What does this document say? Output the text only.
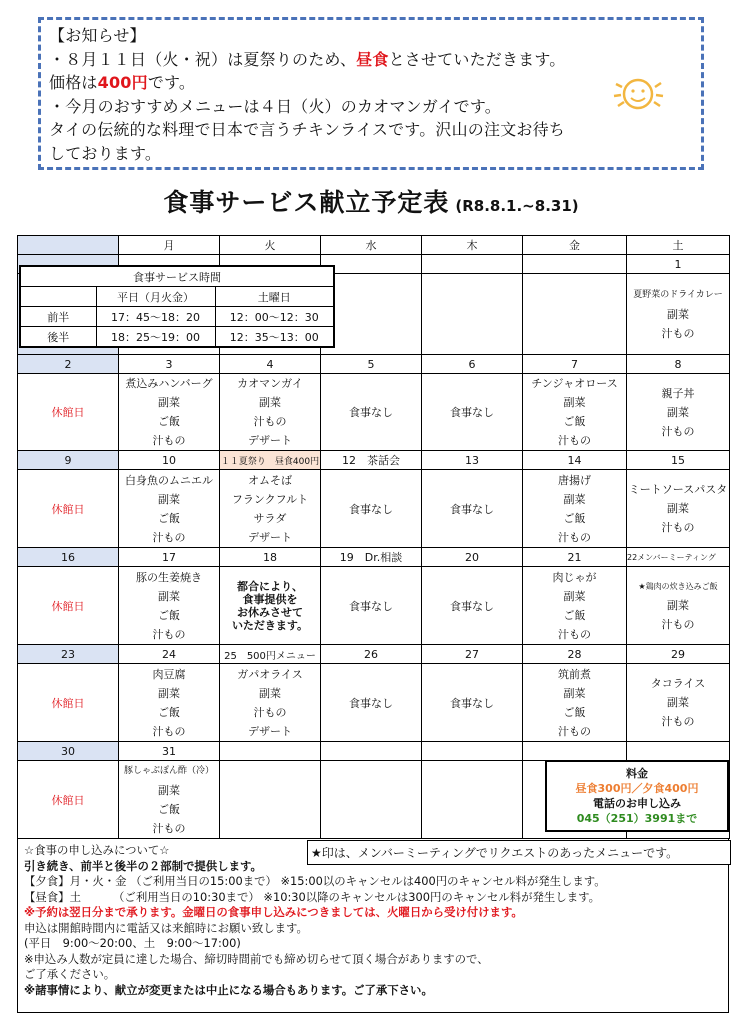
【お知らせ】

・８月１１日（火・祝）は夏祭りのため、昼食とさせていただきます。

価格は400円です。

・今月のおすすめメニューは４日（火）のカオマンガイです。

タイの伝統的な料理で日本で言うチキンライスです。沢山の注文お待ち

しております。

食事サービス献立予定表 (R8.8.1.~8.31)
	月	火	水	木	金	土
						1

						夏野菜のドライカレー
副菜
汁もの

2	3	4	5	6	7	8
休館日	煮込みハンバーグ
副菜
ご飯
汁もの	カオマンガイ
副菜
汁もの
デザート	食事なし	食事なし	チンジャオロース
副菜
ご飯
汁もの	親子丼
副菜
汁もの

9	10	１１夏祭り　昼食400円	12　茶話会	13	14	15
休館日	白身魚のムニエル
副菜
ご飯
汁もの	オムそば
フランクフルト
サラダ
デザート	食事なし	食事なし	唐揚げ
副菜
ご飯
汁もの	ミートソースパスタ
副菜
汁もの

16	17	18	19　Dr.相談	20	21	22メンバーミーティング
休館日	豚の生姜焼き
副菜
ご飯
汁もの	都合により、
食事提供を
お休みさせて
いただきます。	食事なし	食事なし	肉じゃが
副菜
ご飯
汁もの	★鶏肉の炊き込みご飯
副菜
汁もの

23	24	25　500円メニュー	26	27	28	29
休館日	肉豆腐
副菜
ご飯
汁もの	ガパオライス
副菜
汁もの
デザート	食事なし	食事なし	筑前煮
副菜
ご飯
汁もの	タコライス
副菜
汁もの

30	31					
休館日	豚しゃぶぽん酢（冷）
副菜
ご飯
汁もの					

食事サービス時間		
	平日（月火金）	土曜日
前半	17：45～18：20	12：00～12：30
後半	18：25～19：00	12：35～13：00
料金
昼食300円／夕食400円
電話のお申し込み
045（251）3991まで

☆食事の申し込みについて☆

引き続き、前半と後半の２部制で提供します。

【夕食】月・火・金 （ご利用当日の15:00まで） ※15:00以のキャンセルは400円のキャンセル料が発生します。

【昼食】土 　　　（ご利用当日の10:30まで） ※10:30以降のキャンセルは300円のキャンセル料が発生します。

※予約は翌日分まで承ります。金曜日の食事申し込みにつきましては、火曜日から受け付けます。

申込は開館時間内に電話又は来館時にお願い致します。

(平日　9:00～20:00、土　9:00～17:00)

※申込み人数が定員に達した場合、締切時間前でも締め切らせて頂く場合がありますので、

ご了承ください。

※諸事情により、献立が変更または中止になる場合もあります。ご了承下さい。

★印は、メンバーミーティングでリクエストのあったメニューです。
